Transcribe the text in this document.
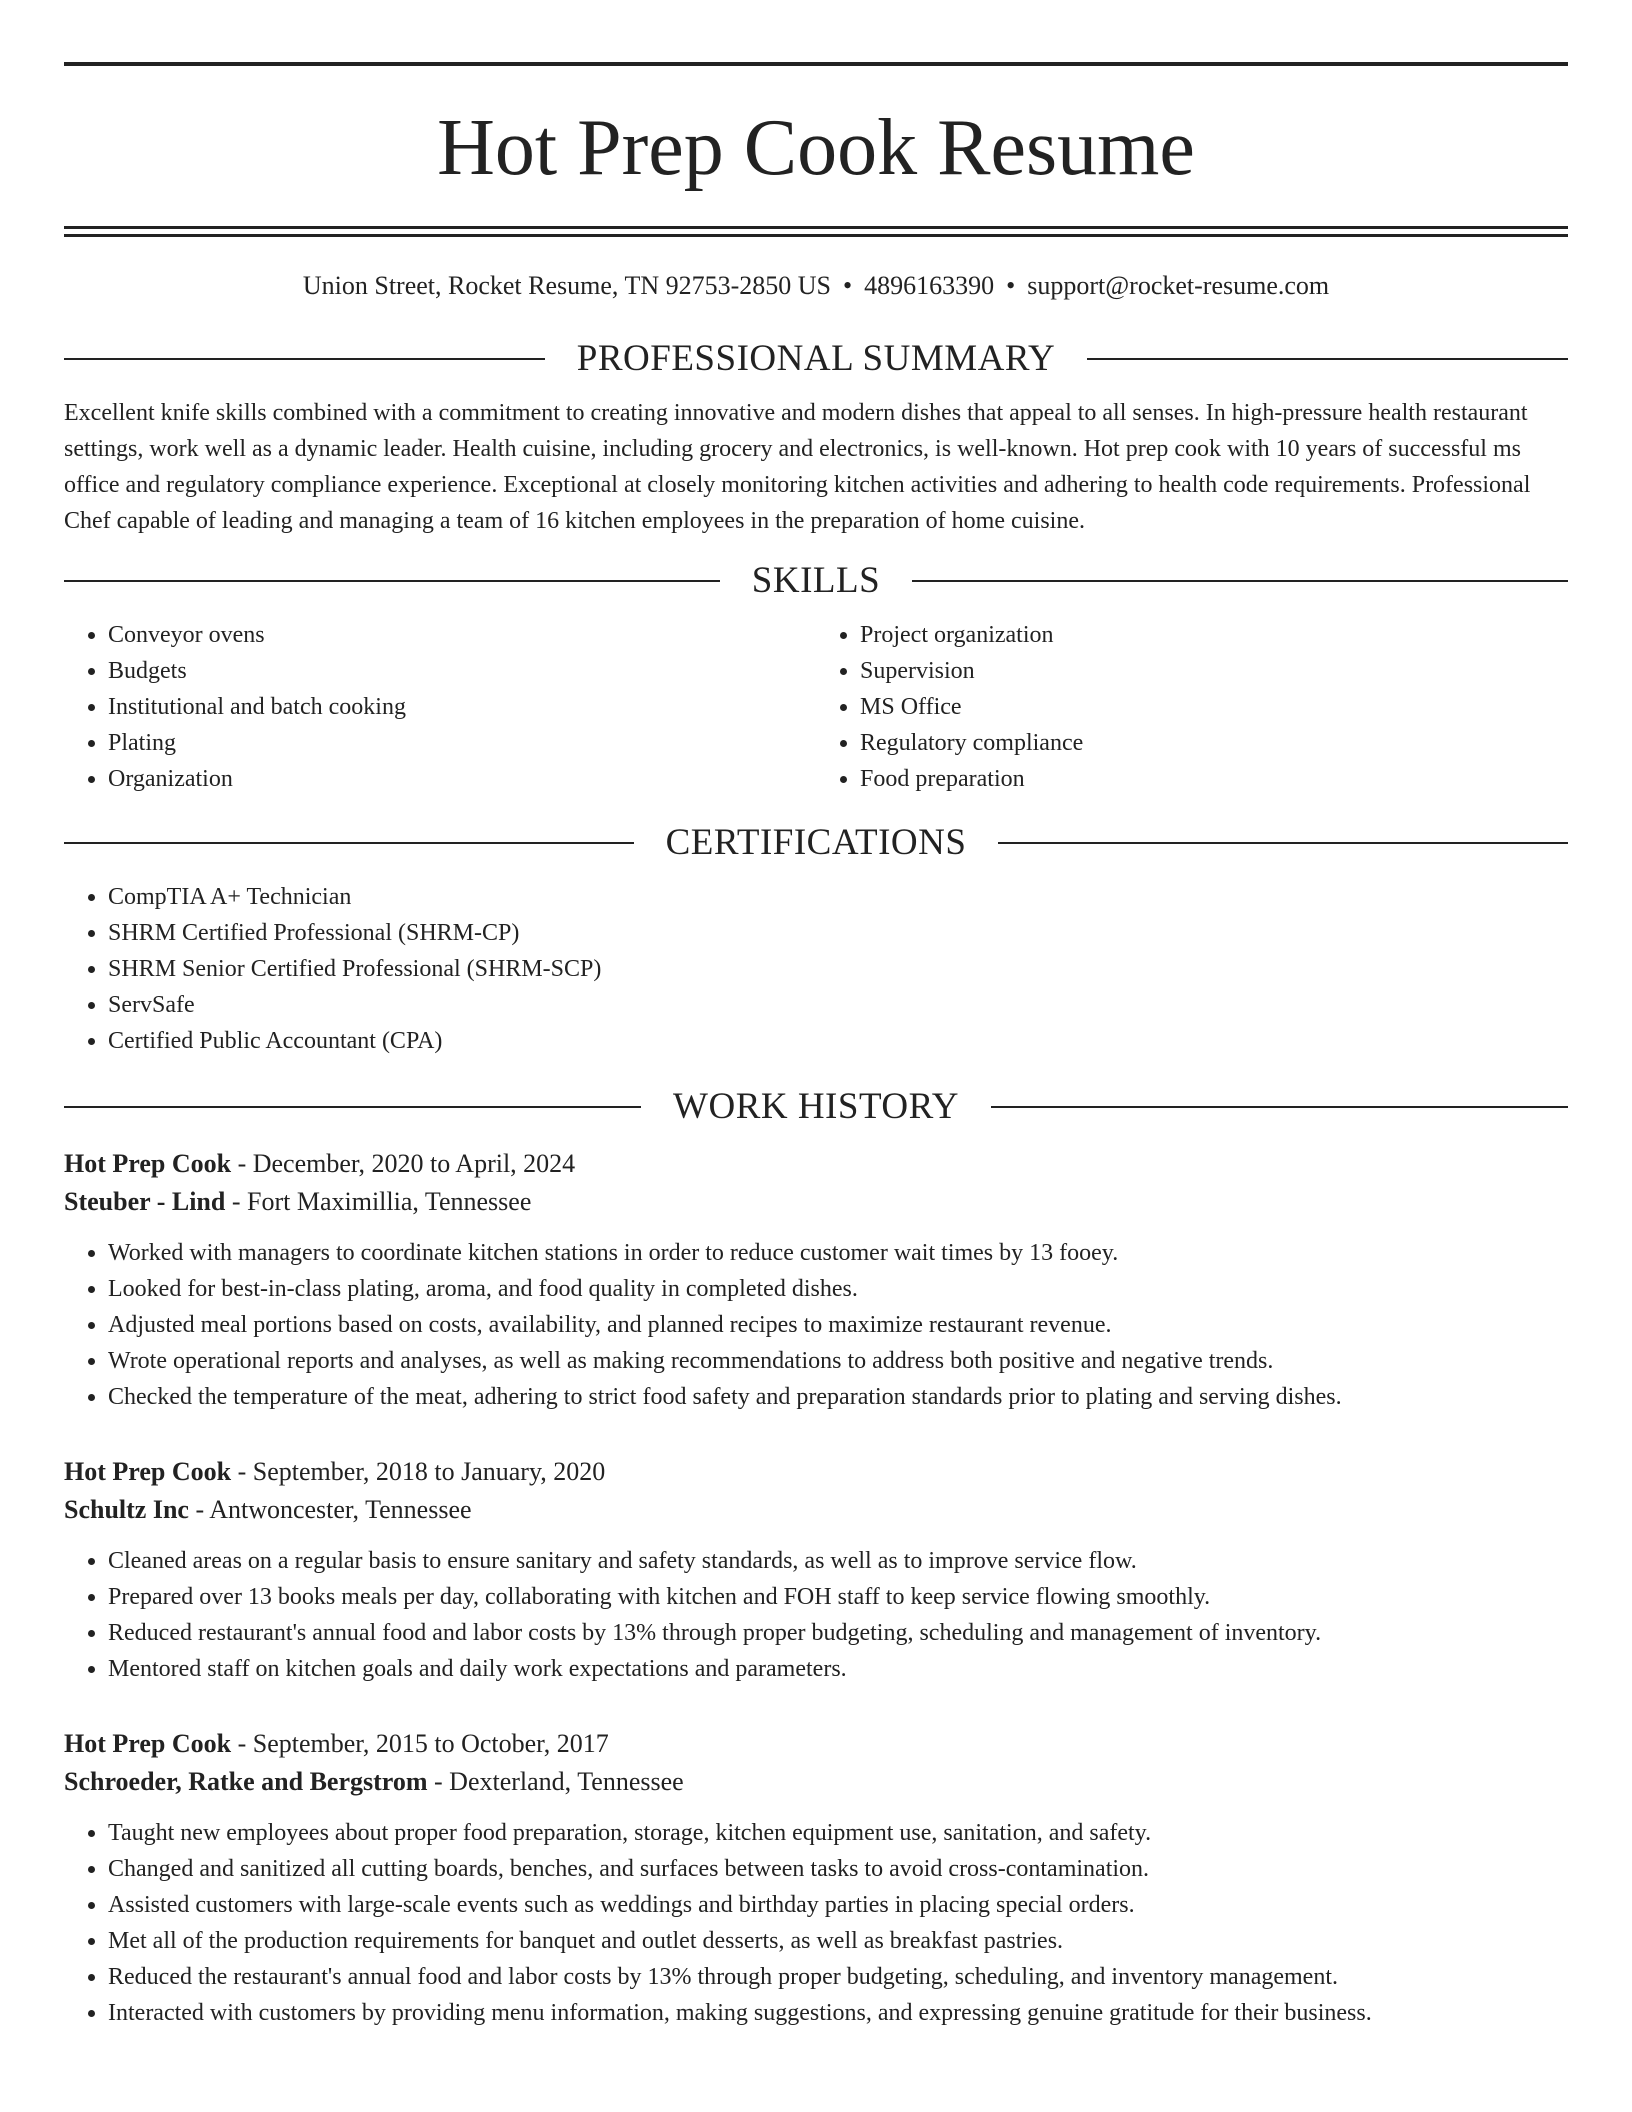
Hot Prep Cook Resume
Union Street, Rocket Resume, TN 92753-2850 US • 4896163390 • support@rocket-resume.com
PROFESSIONAL SUMMARY
Excellent knife skills combined with a commitment to creating innovative and modern dishes that appeal to all senses. In high-pressure health restaurant settings, work well as a dynamic leader. Health cuisine, including grocery and electronics, is well-known. Hot prep cook with 10 years of successful ms office and regulatory compliance experience. Exceptional at closely monitoring kitchen activities and adhering to health code requirements. Professional Chef capable of leading and managing a team of 16 kitchen employees in the preparation of home cuisine.
SKILLS
• Conveyor ovens
• Budgets
• Institutional and batch cooking
• Plating
• Organization
• Project organization
• Supervision
• MS Office
• Regulatory compliance
• Food preparation
CERTIFICATIONS
• CompTIA A+ Technician
• SHRM Certified Professional (SHRM-CP)
• SHRM Senior Certified Professional (SHRM-SCP)
• ServSafe
• Certified Public Accountant (CPA)
WORK HISTORY
Hot Prep Cook - December, 2020 to April, 2024
Steuber - Lind - Fort Maximillia, Tennessee
• Worked with managers to coordinate kitchen stations in order to reduce customer wait times by 13 fooey.
• Looked for best-in-class plating, aroma, and food quality in completed dishes.
• Adjusted meal portions based on costs, availability, and planned recipes to maximize restaurant revenue.
• Wrote operational reports and analyses, as well as making recommendations to address both positive and negative trends.
• Checked the temperature of the meat, adhering to strict food safety and preparation standards prior to plating and serving dishes.
Hot Prep Cook - September, 2018 to January, 2020
Schultz Inc - Antwoncester, Tennessee
• Cleaned areas on a regular basis to ensure sanitary and safety standards, as well as to improve service flow.
• Prepared over 13 books meals per day, collaborating with kitchen and FOH staff to keep service flowing smoothly.
• Reduced restaurant's annual food and labor costs by 13% through proper budgeting, scheduling and management of inventory.
• Mentored staff on kitchen goals and daily work expectations and parameters.
Hot Prep Cook - September, 2015 to October, 2017
Schroeder, Ratke and Bergstrom - Dexterland, Tennessee
• Taught new employees about proper food preparation, storage, kitchen equipment use, sanitation, and safety.
• Changed and sanitized all cutting boards, benches, and surfaces between tasks to avoid cross-contamination.
• Assisted customers with large-scale events such as weddings and birthday parties in placing special orders.
• Met all of the production requirements for banquet and outlet desserts, as well as breakfast pastries.
• Reduced the restaurant's annual food and labor costs by 13% through proper budgeting, scheduling, and inventory management.
• Interacted with customers by providing menu information, making suggestions, and expressing genuine gratitude for their business.
